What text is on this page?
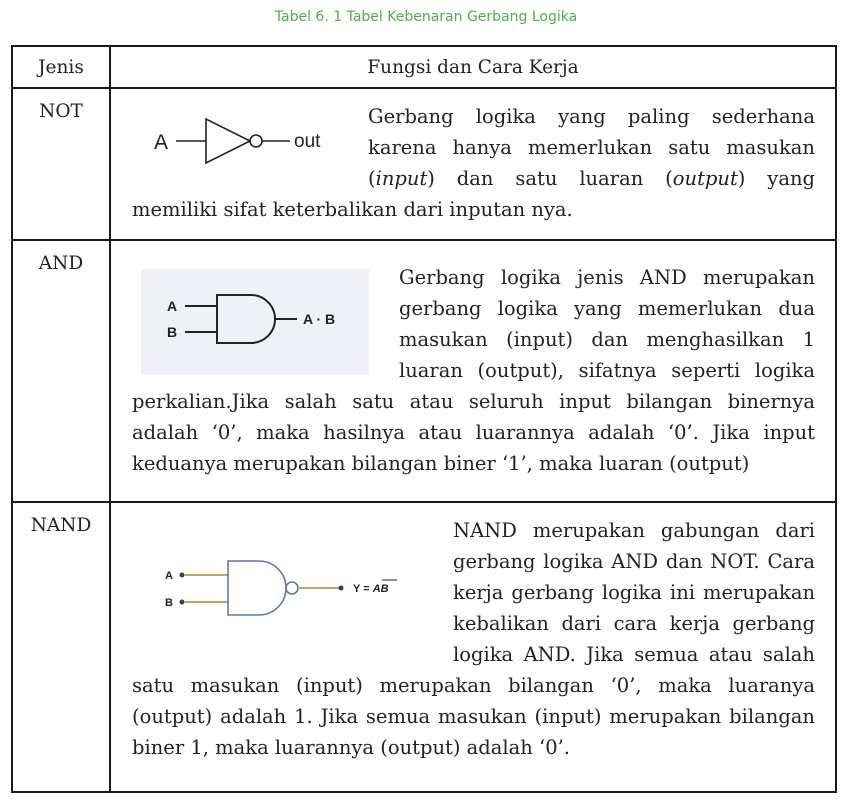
Tabel 6. 1 Tabel Kebenaran Gerbang Logika
Jenis	Fungsi dan Cara Kerja
NOT	A out

Gerbang logika yang paling sederhana karena hanya memerlukan satu masukan (input) dan satu luaran (output) yang memiliki sifat keterbalikan dari inputan nya.

AND	A
B
A · B

Gerbang logika jenis AND merupakan gerbang logika yang memerlukan dua masukan (input) dan menghasilkan 1 luaran (output), sifatnya seperti logika perkalian.Jika salah satu atau seluruh input bilangan binernya adalah ‘0’, maka hasilnya atau luarannya adalah ‘0’. Jika input keduanya merupakan bilangan biner ‘1’, maka luaran (output)

NAND	A
B
Y = AB

NAND merupakan gabungan dari gerbang logika AND dan NOT. Cara kerja gerbang logika ini merupakan kebalikan dari cara kerja gerbang logika AND. Jika semua atau salah satu masukan (input) merupakan bilangan ‘0’, maka luaranya (output) adalah 1. Jika semua masukan (input) merupakan bilangan biner 1, maka luarannya (output) adalah ‘0’.
